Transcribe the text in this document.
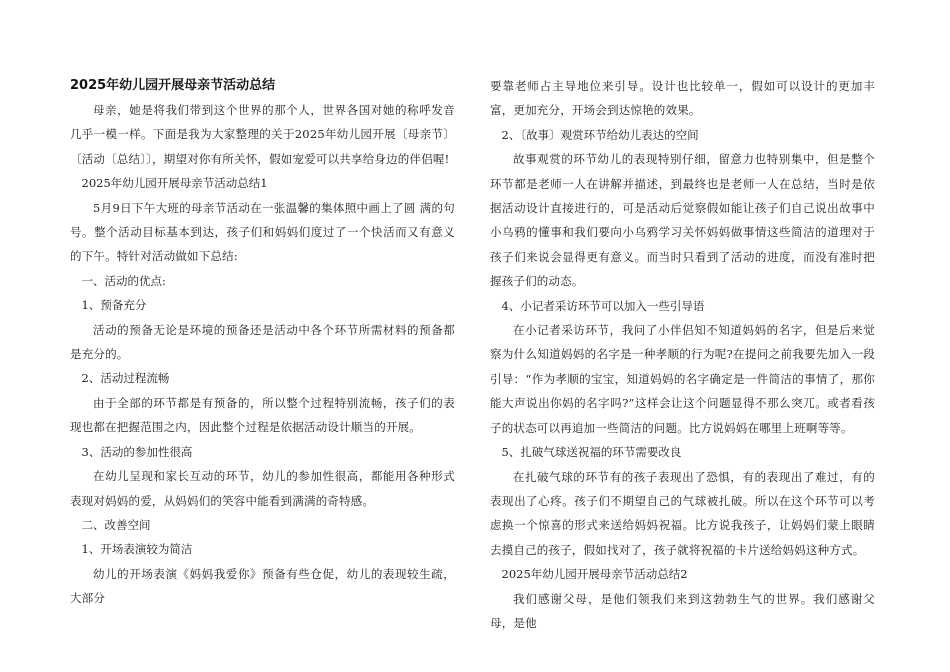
2025年幼儿园开展母亲节活动总结

母亲，她是将我们带到这个世界的那个人，世界各国对她的称呼发音几乎一模一样。下面是我为大家整理的关于2025年幼儿园开展〔母亲节〕〔活动〔总结〕〕，期望对你有所关怀，假如宠爱可以共享给身边的伴侣喔!

2025年幼儿园开展母亲节活动总结1

5月9日下午大班的母亲节活动在一张温馨的集体照中画上了圆 满的句号。整个活动目标基本到达，孩子们和妈妈们度过了一个快活而又有意义的下午。特针对活动做如下总结:

一、活动的优点:

1、预备充分

活动的预备无论是环境的预备还是活动中各个环节所需材料的预备都是充分的。

2、活动过程流畅

由于全部的环节都是有预备的，所以整个过程特别流畅，孩子们的表现也都在把握范围之内，因此整个过程是依据活动设计顺当的开展。

3、活动的参加性很高

在幼儿呈现和家长互动的环节，幼儿的参加性很高，都能用各种形式表现对妈妈的爱，从妈妈们的笑容中能看到满满的奇特感。

二、改善空间

1、开场表演较为简洁

幼儿的开场表演《妈妈我爱你》预备有些仓促，幼儿的表现较生疏，大部分

要靠老师占主导地位来引导。设计也比较单一，假如可以设计的更加丰富，更加充分，开场会到达惊艳的效果。

2、〔故事〕观赏环节给幼儿表达的空间

故事观赏的环节幼儿的表现特别仔细，留意力也特别集中，但是整个环节都是老师一人在讲解并描述，到最终也是老师一人在总结，当时是依据活动设计直接进行的，可是活动后觉察假如能让孩子们自己说出故事中小乌鸦的懂事和我们要向小乌鸦学习关怀妈妈做事情这些简洁的道理对于孩子们来说会显得更有意义。而当时只看到了活动的进度，而没有准时把握孩子们的动态。

4、小记者采访环节可以加入一些引导语

在小记者采访环节，我问了小伴侣知不知道妈妈的名字，但是后来觉察为什么知道妈妈的名字是一种孝顺的行为呢?在提问之前我要先加入一段引导：“作为孝顺的宝宝，知道妈妈的名字确定是一件简洁的事情了，那你能大声说出你妈的名字吗?”这样会让这个问题显得不那么突兀。或者看孩子的状态可以再追加一些简洁的问题。比方说妈妈在哪里上班啊等等。

5、扎破气球送祝福的环节需要改良

在扎破气球的环节有的孩子表现出了恐惧，有的表现出了难过，有的表现出了心疼。孩子们不期望自己的气球被扎破。所以在这个环节可以考虑换一个惊喜的形式来送给妈妈祝福。比方说我孩子，让妈妈们蒙上眼睛去摸自己的孩子，假如找对了，孩子就将祝福的卡片送给妈妈这种方式。

2025年幼儿园开展母亲节活动总结2

我们感谢父母，是他们领我们来到这勃勃生气的世界。我们感谢父母，是他
